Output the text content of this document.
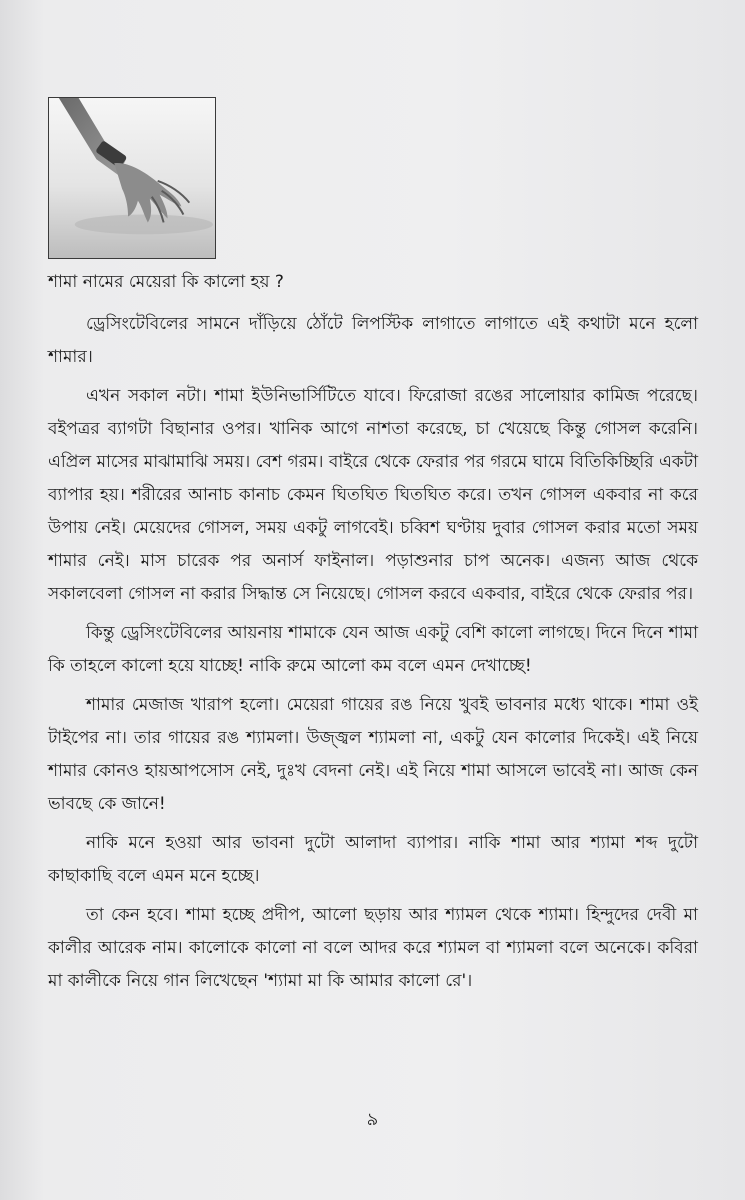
শামা নামের মেয়েরা কি কালো হয় ?

ড্রেসিংটেবিলের সামনে দাঁড়িয়ে ঠোঁটে লিপস্টিক লাগাতে লাগাতে এই কথাটা মনে হলো শামার।

এখন সকাল নটা। শামা ইউনিভার্সিটিতে যাবে। ফিরোজা রঙের সালোয়ার কামিজ পরেছে। বইপত্রর ব্যাগটা বিছানার ওপর। খানিক আগে নাশতা করেছে, চা খেয়েছে কিন্তু গোসল করেনি। এপ্রিল মাসের মাঝামাঝি সময়। বেশ গরম। বাইরে থেকে ফেরার পর গরমে ঘামে বিতিকিচ্ছিরি একটা ব্যাপার হয়। শরীরের আনাচ কানাচ কেমন ঘিতঘিত ঘিতঘিত করে। তখন গোসল একবার না করে উপায় নেই। মেয়েদের গোসল, সময় একটু লাগবেই। চব্বিশ ঘণ্টায় দুবার গোসল করার মতো সময় শামার নেই। মাস চারেক পর অনার্স ফাইনাল। পড়াশুনার চাপ অনেক। এজন্য আজ থেকে সকালবেলা গোসল না করার সিদ্ধান্ত সে নিয়েছে। গোসল করবে একবার, বাইরে থেকে ফেরার পর।

কিন্তু ড্রেসিংটেবিলের আয়নায় শামাকে যেন আজ একটু বেশি কালো লাগছে। দিনে দিনে শামা কি তাহলে কালো হয়ে যাচ্ছে! নাকি রুমে আলো কম বলে এমন দেখাচ্ছে!

শামার মেজাজ খারাপ হলো। মেয়েরা গায়ের রঙ নিয়ে খুবই ভাবনার মধ্যে থাকে। শামা ওই টাইপের না। তার গায়ের রঙ শ্যামলা। উজ্জ্বল শ্যামলা না, একটু যেন কালোর দিকেই। এই নিয়ে শামার কোনও হায়আপসোস নেই, দুঃখ বেদনা নেই। এই নিয়ে শামা আসলে ভাবেই না। আজ কেন ভাবছে কে জানে!

নাকি মনে হওয়া আর ভাবনা দুটো আলাদা ব্যাপার। নাকি শামা আর শ্যামা শব্দ দুটো কাছাকাছি বলে এমন মনে হচ্ছে।

তা কেন হবে। শামা হচ্ছে প্রদীপ, আলো ছড়ায় আর শ্যামল থেকে শ্যামা। হিন্দুদের দেবী মা কালীর আরেক নাম। কালোকে কালো না বলে আদর করে শ্যামল বা শ্যামলা বলে অনেকে। কবিরা মা কালীকে নিয়ে গান লিখেছেন 'শ্যামা মা কি আমার কালো রে'।

৯
